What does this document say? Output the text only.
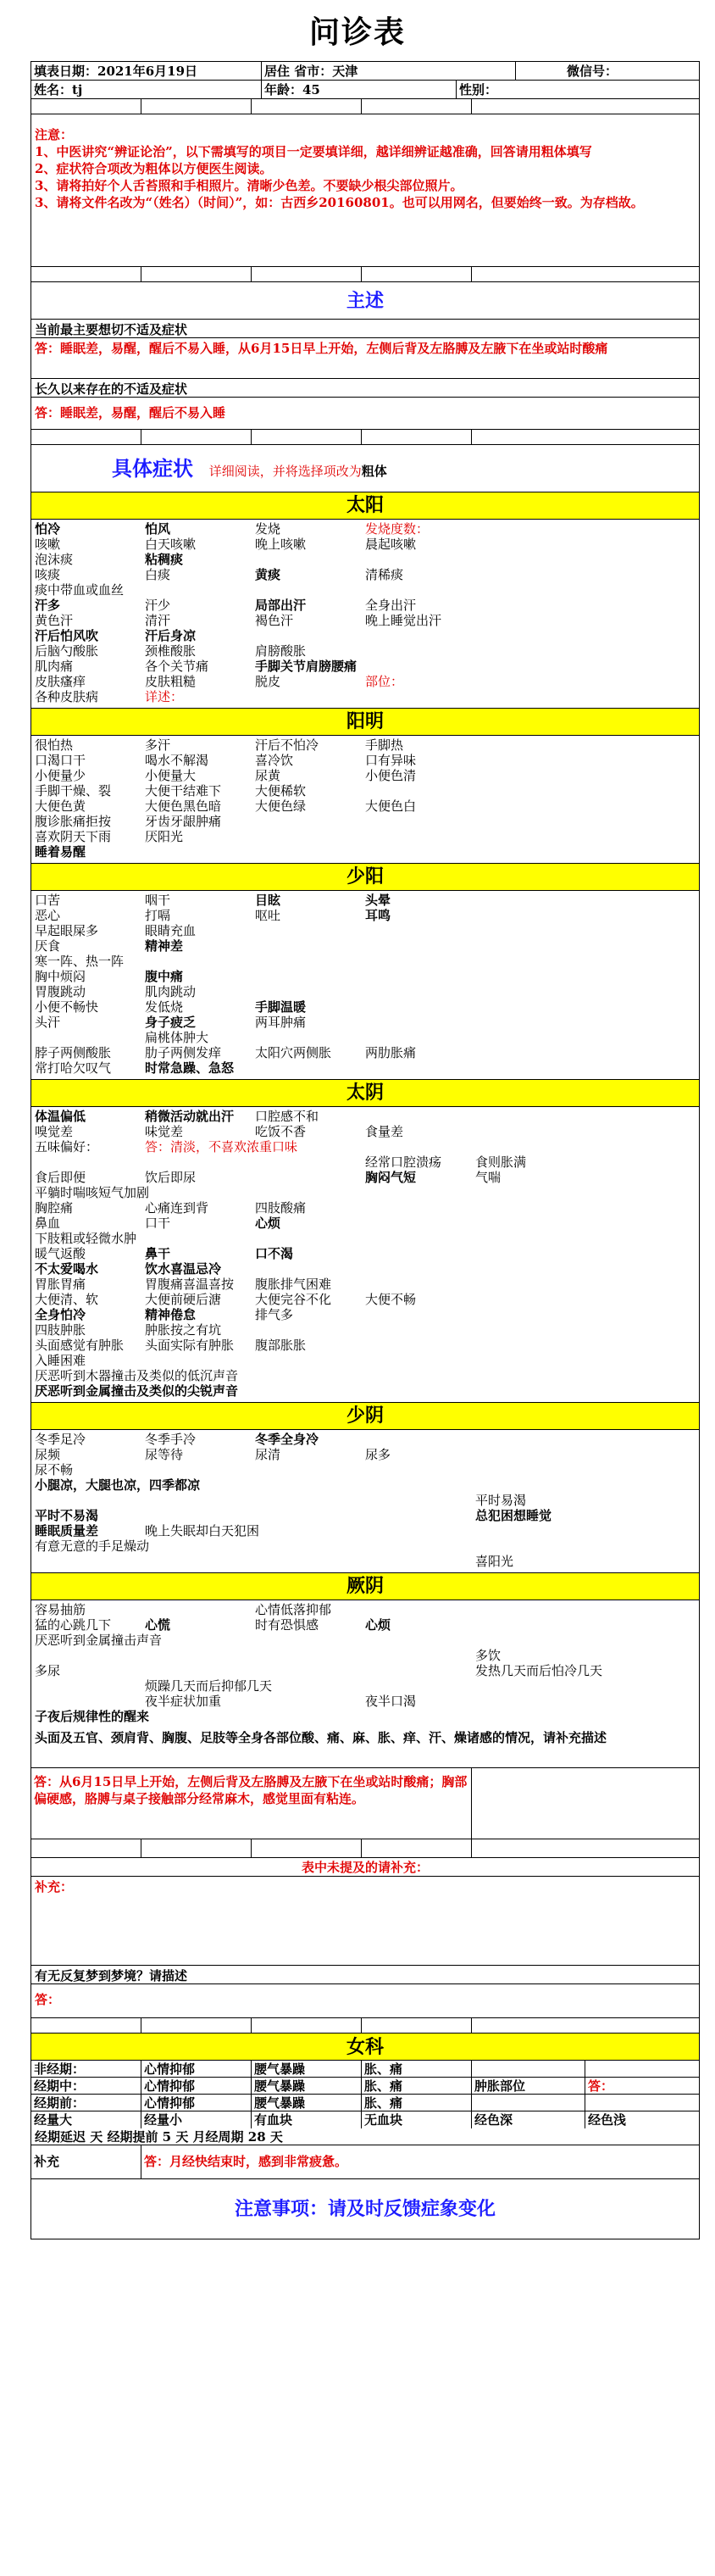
问诊表
填表日期：2021年6月19日	居住 省市：天津	微信号：
姓名：tj	年龄：45	性别：
注意：
1、中医讲究“辨证论治”，以下需填写的项目一定要填详细，越详细辨证越准确，回答请用粗体填写
2、症状符合项改为粗体以方便医生阅读。
3、请将拍好个人舌苔照和手相照片。清晰少色差。不要缺少根尖部位照片。
3、请将文件名改为“（姓名）（时间）”，如：古西乡20160801。也可以用网名，但要始终一致。为存档故。
主述
当前最主要想切不适及症状
答：睡眠差，易醒，醒后不易入睡，从6月15日早上开始，左侧后背及左胳膊及左腋下在坐或站时酸痛
长久以来存在的不适及症状
答：睡眠差，易醒，醒后不易入睡
具体症状 详细阅读，并将选择项改为粗体
太阳
怕冷	怕风	发烧	发烧度数：
咳嗽	白天咳嗽	晚上咳嗽	晨起咳嗽
泡沫痰	粘稠痰
咳痰	白痰	黄痰	清稀痰
痰中带血或血丝
汗多	汗少	局部出汗	全身出汗
黄色汗	清汗	褐色汗	晚上睡觉出汗
汗后怕风吹	汗后身凉
后脑勺酸胀	颈椎酸胀	肩膀酸胀
肌肉痛	各个关节痛	手脚关节肩膀腰痛
皮肤瘙痒	皮肤粗糙	脱皮	部位：
各种皮肤病	详述：
阳明
很怕热	多汗	汗后不怕冷	手脚热
口渴口干	喝水不解渴	喜冷饮	口有异味
小便量少	小便量大	尿黄	小便色清
手脚干燥、裂	大便干结难下	大便稀软
大便色黄	大便色黑色暗	大便色绿	大便色白
腹诊胀痛拒按	牙齿牙龈肿痛
喜欢阴天下雨	厌阳光
睡着易醒
少阳
口苦	咽干	目眩	头晕
恶心	打嗝	呕吐	耳鸣
早起眼屎多	眼睛充血
厌食	精神差
寒一阵、热一阵
胸中烦闷	腹中痛
胃腹跳动	肌肉跳动
小便不畅快	发低烧	手脚温暖
头汗	身子疲乏	两耳肿痛
扁桃体肿大
脖子两侧酸胀	肋子两侧发痒	太阳穴两侧胀	两肋胀痛
常打哈欠叹气	时常急躁、急怒
太阴
体温偏低	稍微活动就出汗	口腔感不和
嗅觉差	味觉差	吃饭不香	食量差
五味偏好：	答：清淡，不喜欢浓重口味
经常口腔溃疡	食则胀满
食后即便	饮后即尿	胸闷气短	气喘
平躺时喘咳短气加剧
胸腔痛	心痛连到背	四肢酸痛
鼻血	口干	心烦
下肢粗或轻微水肿
暖气返酸	鼻干	口不渴
不太爱喝水	饮水喜温忌冷
胃胀胃痛	胃腹痛喜温喜按	腹胀排气困难
大便清、软	大便前硬后溏	大便完谷不化	大便不畅
全身怕冷	精神倦怠	排气多
四肢肿胀	肿胀按之有坑
头面感觉有肿胀	头面实际有肿胀	腹部胀胀
入睡困难
厌恶听到木器撞击及类似的低沉声音
厌恶听到金属撞击及类似的尖锐声音
少阴
冬季足冷	冬季手冷	冬季全身冷
尿频	尿等待	尿清	尿多
尿不畅
小腿凉，大腿也凉，四季都凉
平时易渴
平时不易渴	总犯困想睡觉
睡眠质量差	晚上失眠却白天犯困
有意无意的手足燥动
喜阳光
厥阴
容易抽筋	心情低落抑郁
猛的心跳几下	心慌	时有恐惧感	心烦
厌恶听到金属撞击声音
多饮
多尿	发热几天而后怕冷几天
烦躁几天而后抑郁几天
夜半症状加重	夜半口渴
子夜后规律性的醒来
头面及五官、颈肩背、胸腹、足肢等全身各部位酸、痛、麻、胀、痒、汗、燥诸感的情况，请补充描述
答：从6月15日早上开始，左侧后背及左胳膊及左腋下在坐或站时酸痛；胸部偏硬感，胳膊与桌子接触部分经常麻木，感觉里面有粘连。
表中未提及的请补充：
补充：
有无反复梦到梦境？请描述
答：
女科
非经期：	心情抑郁	腰气暴躁	胀、痛
经期中：	心情抑郁	腰气暴躁	胀、痛	肿胀部位	答：
经期前：	心情抑郁	腰气暴躁	胀、痛
经量大	经量小	有血块	无血块	经色深	经色浅
经期延迟 天 经期提前 5 天 月经周期 28 天
补充	答：月经快结束时，感到非常疲惫。
注意事项：请及时反馈症象变化
